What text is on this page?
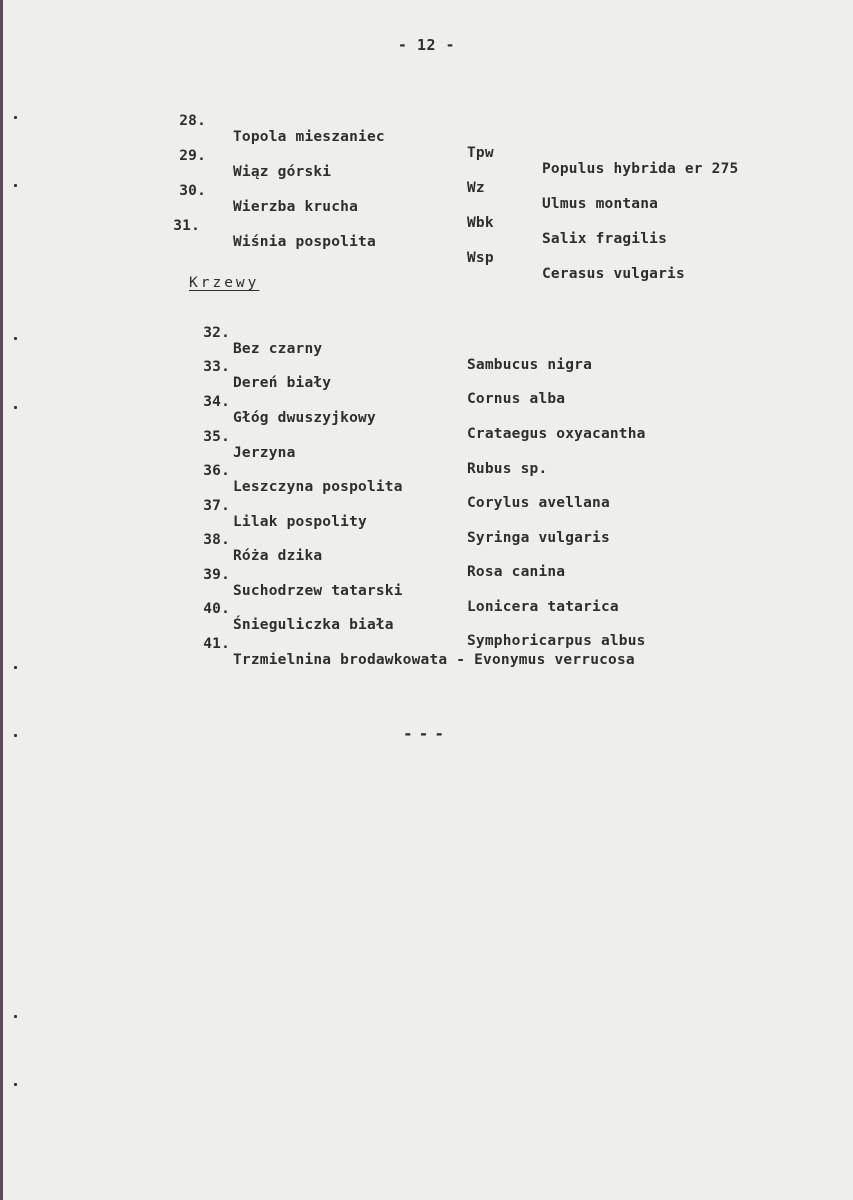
- 12 -

28.

Topola mieszaniec

Tpw

Populus hybrida er 275

29.

Wiąz górski

Wz

Ulmus montana

30.

Wierzba krucha

Wbk

Salix fragilis

31.

Wiśnia pospolita

Wsp

Cerasus vulgaris

Krzewy

32.

Bez czarny

Sambucus nigra

33.

Dereń biały

Cornus alba

34.

Głóg dwuszyjkowy

Crataegus oxyacantha

35.

Jerzyna

Rubus sp.

36.

Leszczyna pospolita

Corylus avellana

37.

Lilak pospolity

Syringa vulgaris

38.

Róża dzika

Rosa canina

39.

Suchodrzew tatarski

Lonicera tatarica

40.

Śnieguliczka biała

Symphoricarpus albus

41.

Trzmielnina brodawkowata - Evonymus verrucosa

---
